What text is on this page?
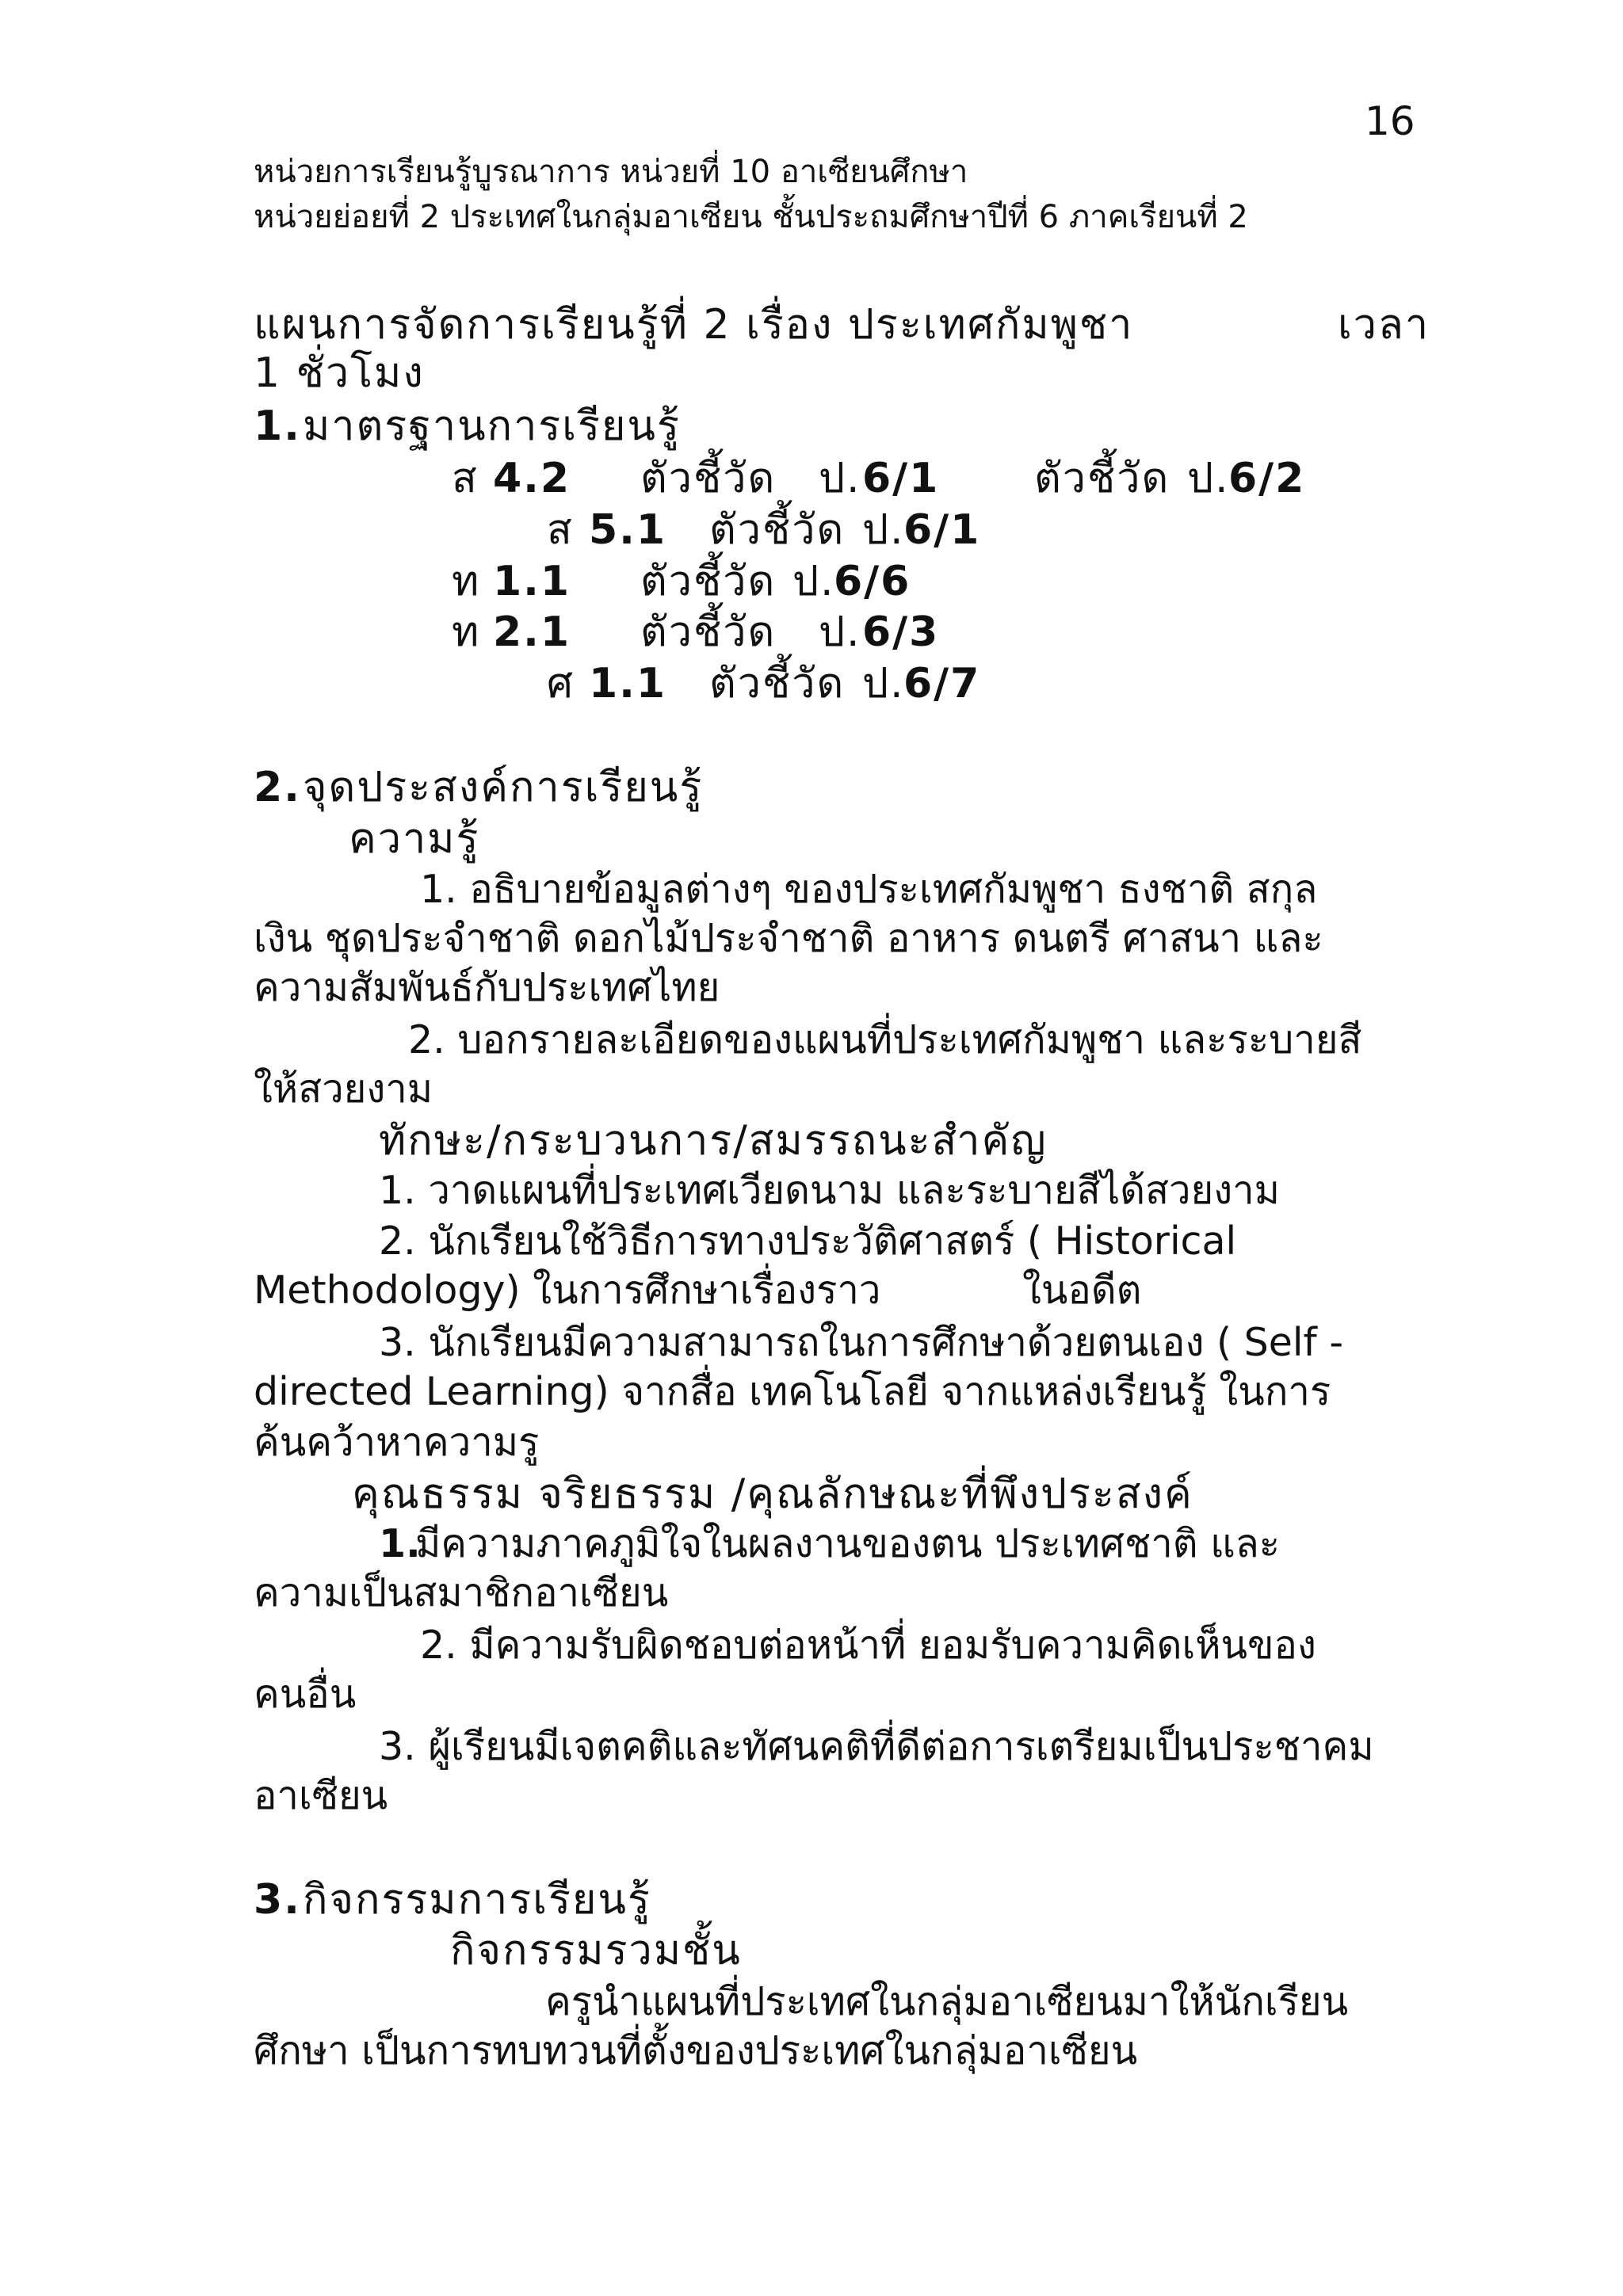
16
หน่วยการเรียนรู้บูรณาการ หน่วยที่ 10 อาเซียนศึกษา
หน่วยย่อยที่ 2 ประเทศในกลุ่มอาเซียน ชั้นประถมศึกษาปีที่ 6 ภาคเรียนที่ 2
แผนการจัดการเรียนรู้ที่ 2 เรื่อง ประเทศกัมพูชา	เวลา
1 ชั่วโมง
1. มาตรฐานการเรียนรู้
ส 4.2 ตัวชี้วัด ป. 6/1 ตัวชี้วัด ป.
6/2
ส 5.1 ตัวชี้วัด ป.
6/1
ท 1.1 ตัวชี้วัด ป.
6/6
ท 2.1 ตัวชี้วัด ป. 6/3
ศ 1.1 ตัวชี้วัด ป.
6/7
2. จุดประสงค์การเรียนรู้
ความรู้
1. อธิบายข้อมูลต่างๆ ของประเทศกัมพูชา ธงชาติ สกุล
เงิน ชุดประจำชาติ ดอกไม้ประจำชาติ อาหาร ดนตรี ศาสนา และ
ความสัมพันธ์กับประเทศไทย
2. บอกรายละเอียดของแผนที่ประเทศกัมพูชา และระบายสี
ให้สวยงาม
ทักษะ/กระบวนการ/สมรรถนะสำคัญ
1. วาดแผนที่ประเทศเวียดนาม และระบายสีได้สวยงาม
2. นักเรียนใช้วิธีการทางประวัติศาสตร์ ( Historical
Methodology) ในการศึกษาเรื่องราว	ในอดีต
3. นักเรียนมีความสามารถในการศึกษาด้วยตนเอง ( Self -
directed Learning) จากสื่อ เทคโนโลยี จากแหล่งเรียนรู้ ในการ
ค้นคว้าหาความรู
คุณธรรม จริยธรรม /คุณลักษณะที่พึงประสงค์
1.
มีความภาคภูมิใจในผลงานของตน ประเทศชาติ และ
ความเป็นสมาชิกอาเซียน
2. มีความรับผิดชอบต่อหน้าที่ ยอมรับความคิดเห็นของ
คนอื่น
3. ผู้เรียนมีเจตคติและทัศนคติที่ดีต่อการเตรียมเป็นประชาคม
อาเซียน
3. กิจกรรมการเรียนรู้
กิจกรรมรวมชั้น
ครูนำแผนที่ประเทศในกลุ่มอาเซียนมาให้นักเรียน
ศึกษา เป็นการทบทวนที่ตั้งของประเทศในกลุ่มอาเซียน
